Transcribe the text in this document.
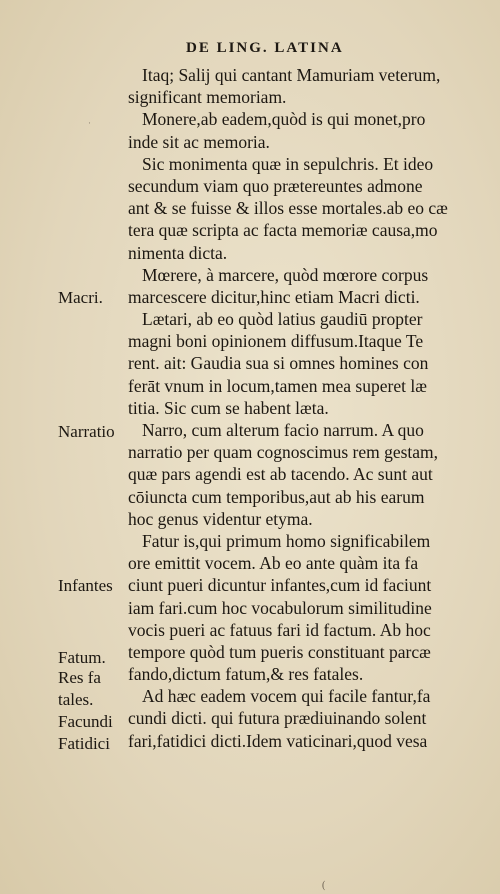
DE LING. LATINA
·
Itaq; Salij qui cantant Mamuriam veterum,
significant memoriam.
Monere,ab eadem,quòd is qui monet,pro
inde sit ac memoria.
Sic monimenta quæ in sepulchris. Et ideo
secundum viam quo prætereuntes admone
ant & se fuisse & illos esse mortales.ab eo cæ
tera quæ scripta ac facta memoriæ causa,mo
nimenta dicta.
Mœrere, à marcere, quòd mœrore corpus
marcescere dicitur,hinc etiam Macri dicti.
Lætari, ab eo quòd latius gaudiū propter
magni boni opinionem diffusum.Itaque Te
rent. ait: Gaudia sua si omnes homines con
ferāt vnum in locum,tamen mea superet læ
titia. Sic cum se habent læta.
Narro, cum alterum facio narrum. A quo
narratio per quam cognoscimus rem gestam,
quæ pars agendi est ab tacendo. Ac sunt aut
cōiuncta cum temporibus,aut ab his earum
hoc genus videntur etyma.
Fatur is,qui primum homo significabilem
ore emittit vocem. Ab eo ante quàm ita fa
ciunt pueri dicuntur infantes,cum id faciunt
iam fari.cum hoc vocabulorum similitudine
vocis pueri ac fatuus fari id factum. Ab hoc
tempore quòd tum pueris constituant parcæ
fando,dictum fatum,& res fatales.
Ad hæc eadem vocem qui facile fantur,fa
cundi dicti. qui futura prædiuinando solent
fari,fatidici dicti.Idem vaticinari,quod vesa
Macri.
Narratio
Infantes
Fatum.
Res fa
tales.
Facundi
Fatidici
(
